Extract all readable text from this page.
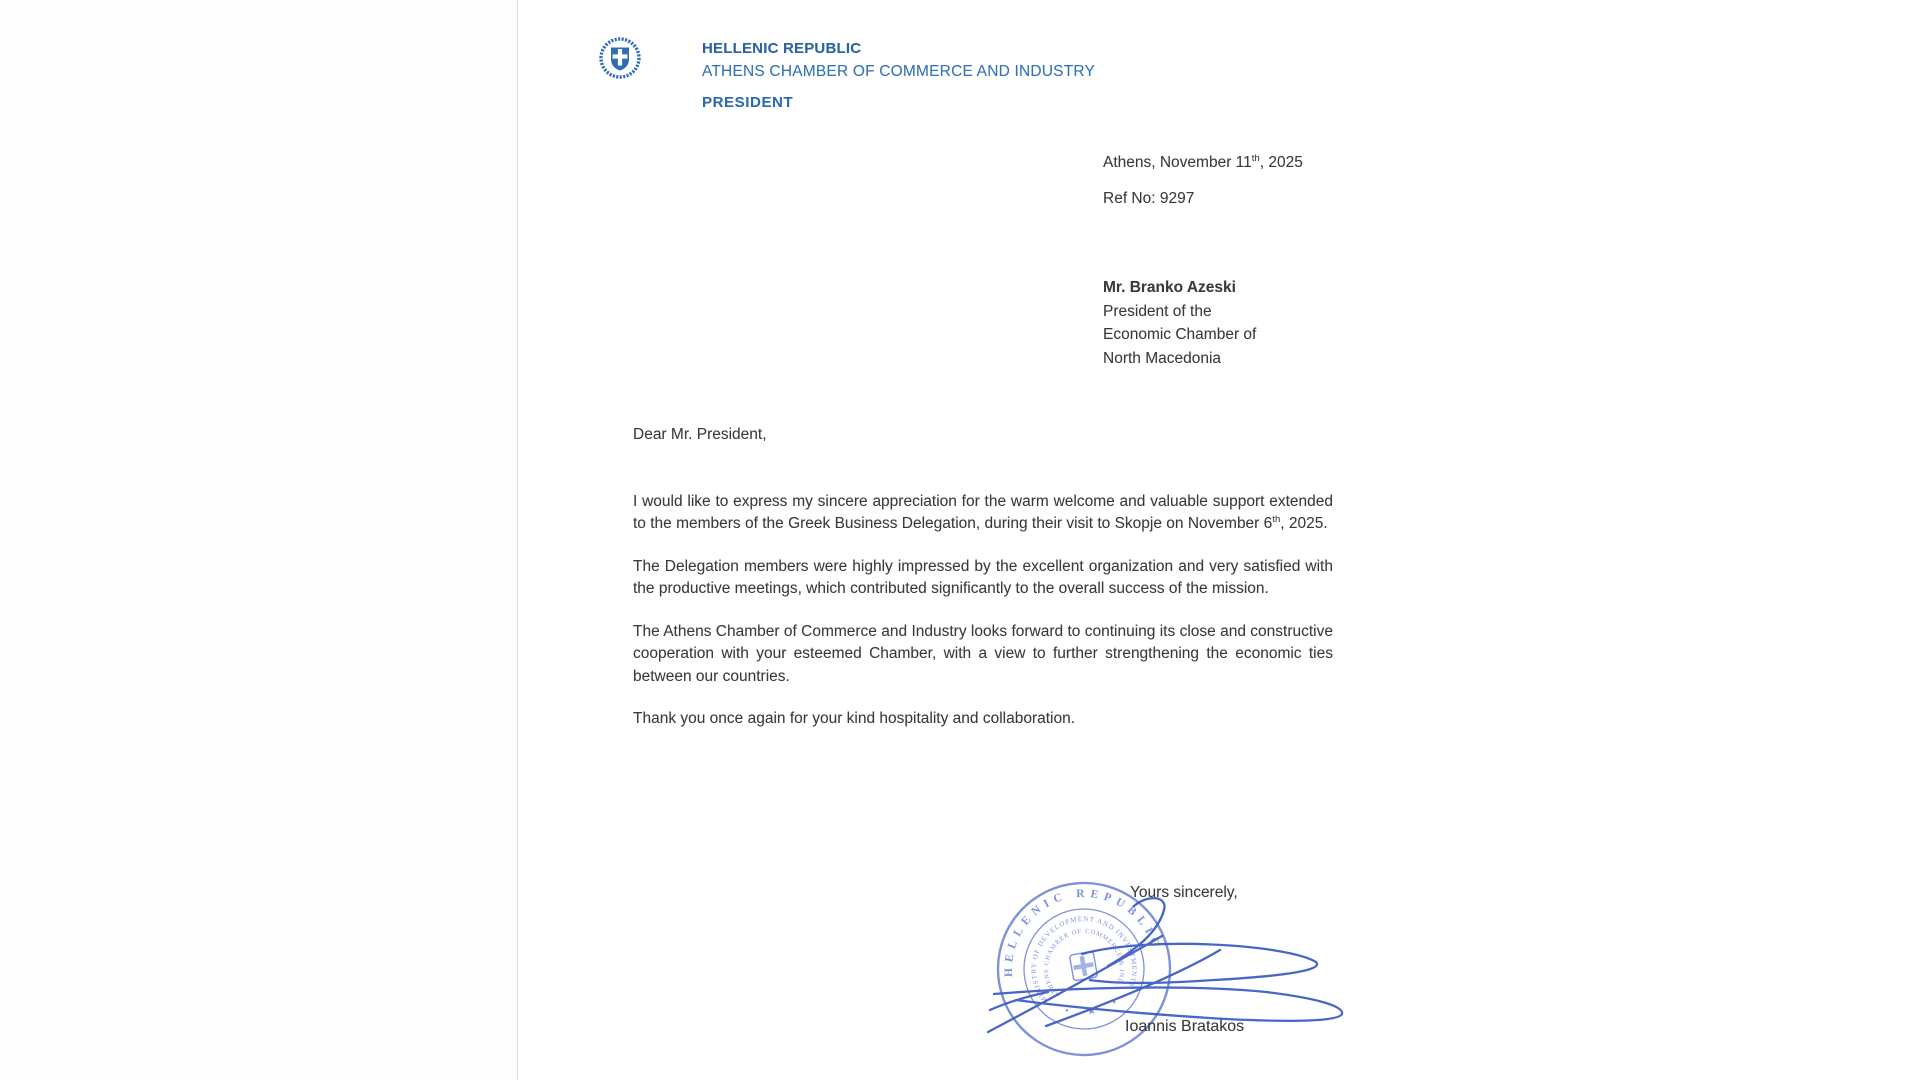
HELLENIC REPUBLIC
ATHENS CHAMBER OF COMMERCE AND INDUSTRY
PRESIDENT
Athens, November 11th, 2025
Ref No: 9297
Mr. Branko Azeski
President of the
Economic Chamber of
North Macedonia
Dear Mr. President,

I would like to express my sincere appreciation for the warm welcome and valuable support extended to the members of the Greek Business Delegation, during their visit to Skopje on November 6th, 2025.

The Delegation members were highly impressed by the excellent organization and very satisfied with the productive meetings, which contributed significantly to the overall success of the mission.

The Athens Chamber of Commerce and Industry looks forward to continuing its close and constructive cooperation with your esteemed Chamber, with a view to further strengthening the economic ties between our countries.

Thank you once again for your kind hospitality and collaboration.

Yours sincerely,
HELLENIC REPUBLIC
MINISTRY OF DEVELOPMENT AND INVESTMENTS
ATHENS CHAMBER OF COMMERCE & IND.
★
•
•
Ioannis Bratakos
